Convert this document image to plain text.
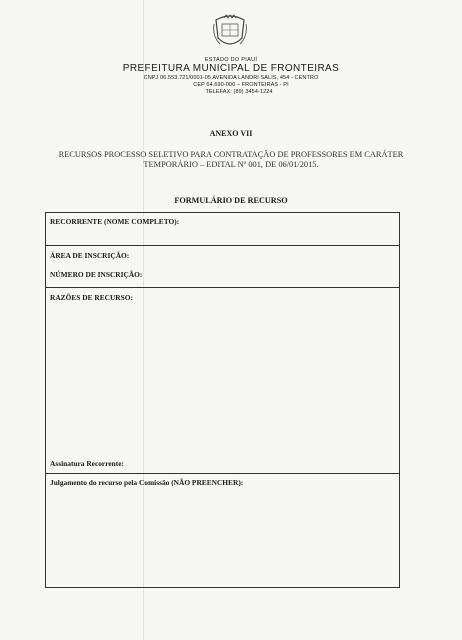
ESTADO DO PIAUÍ
PREFEITURA MUNICIPAL DE FRONTEIRAS
CNPJ 06.553.721/0001-05 AVENIDA LANDRI SALIS, 454 - CENTRO
CEP 64.690-000 – FRONTEIRAS - PI
TELEFAX: (89) 3454-1224
ANEXO VII
RECURSOS PROCESSO SELETIVO PARA CONTRATAÇÃO DE PROFESSORES EM CARÁTER TEMPORÁRIO – EDITAL Nº 001, DE 06/01/2015.
FORMULÁRIO DE RECURSO
RECORRENTE (NOME COMPLETO):
ÁREA DE INSCRIÇÃO:
NÚMERO DE INSCRIÇÃO:
RAZÕES DE RECURSO:
Assinatura Recorrente:
Julgamento do recurso pela Comissão (NÃO PREENCHER):
